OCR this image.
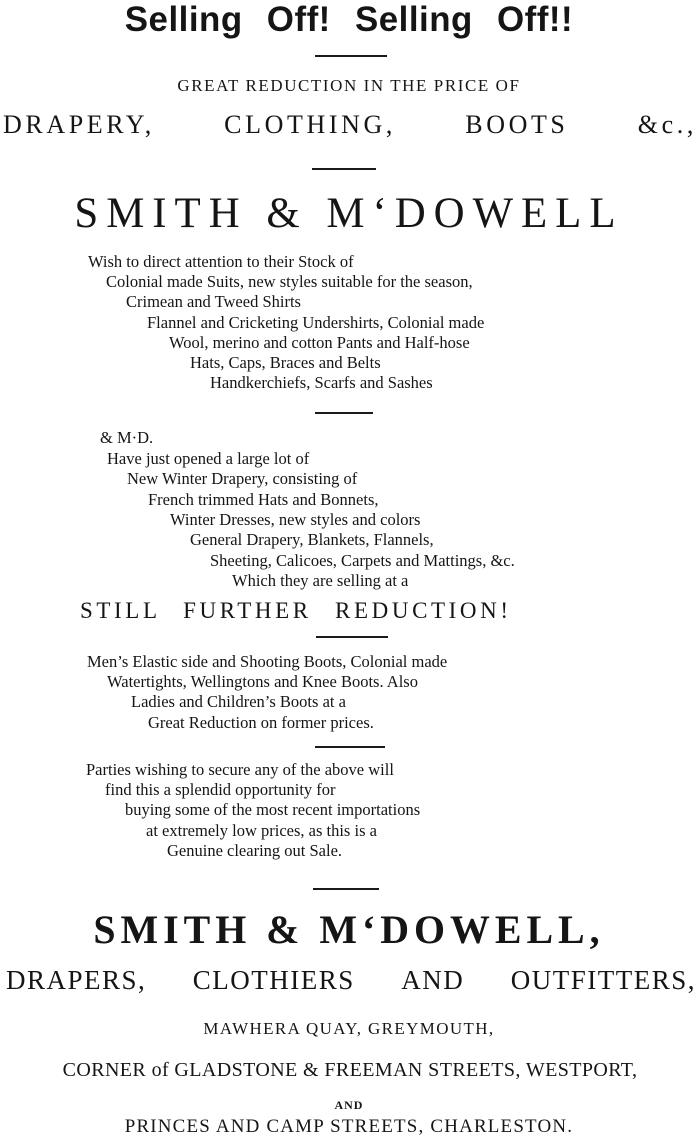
Selling Off! Selling Off!!
GREAT REDUCTION IN THE PRICE OF
DRAPERY,	CLOTHING,	BOOTS	&c.,
SMITH & M‘DOWELL
Wish to direct attention to their Stock of
Colonial made Suits, new styles suitable for the season,
Crimean and Tweed Shirts
Flannel and Cricketing Undershirts, Colonial made
Wool, merino and cotton Pants and Half-hose
Hats, Caps, Braces and Belts
Handkerchiefs, Scarfs and Sashes
& M·D.
Have just opened a large lot of
New Winter Drapery, consisting of
French trimmed Hats and Bonnets,
Winter Dresses, new styles and colors
General Drapery, Blankets, Flannels,
Sheeting, Calicoes, Carpets and Mattings, &c.
Which they are selling at a
STILL FURTHER REDUCTION!
Men’s Elastic side and Shooting Boots, Colonial made
Watertights, Wellingtons and Knee Boots. Also
Ladies and Children’s Boots at a
Great Reduction on former prices.
Parties wishing to secure any of the above will
find this a splendid opportunity for
buying some of the most recent importations
at extremely low prices, as this is a
Genuine clearing out Sale.
SMITH & M‘DOWELL,
DRAPERS, CLOTHIERS AND OUTFITTERS,
MAWHERA QUAY, GREYMOUTH,
CORNER of GLADSTONE & FREEMAN STREETS, WESTPORT,
AND
PRINCES AND CAMP STREETS, CHARLESTON.
